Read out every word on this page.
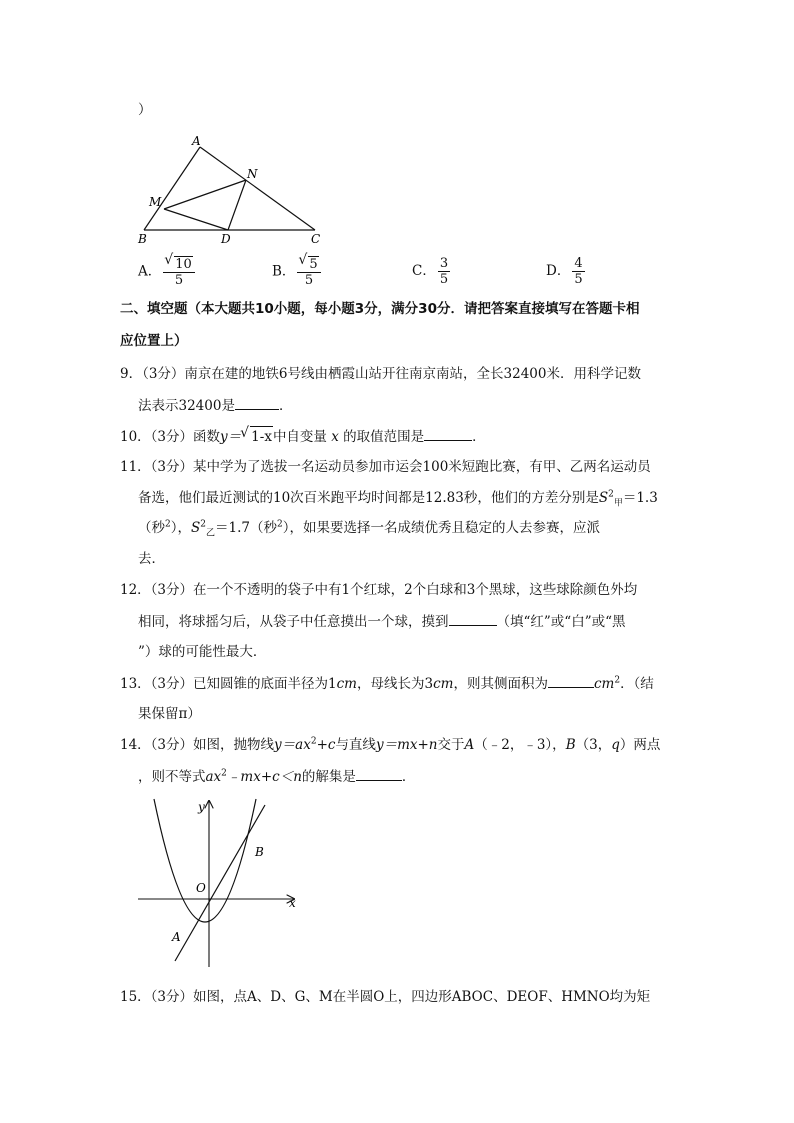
）
A
N
M
B	D	C
A． √ $\frac{10}{5}$	B． √ $\frac{5}{5}$	C． $\frac{3}{5}$	D． $\frac{4}{5}$
二、填空题（本大题共10小题，每小题3分，满分30分．请把答案直接填写在答题卡相
应位置上）
9．（3分）南京在建的地铁6号线由栖霞山站开往南京南站，全长32400米．用科学记数
法表示32400是	．
10．（3分）函数y＝ √ 1-x中自变量 x 的取值范围是	．
11．（3分）某中学为了选拔一名运动员参加市运会100米短跑比赛，有甲、乙两名运动员
备选，他们最近测试的10次百米跑平均时间都是12.83秒，他们的方差分别是$S^2_甲=1.3$
（秒$^2$），$S^2_乙=1.7$（秒$^2$），如果要选择一名成绩优秀且稳定的人去参赛，应派
去．
12．（3分）在一个不透明的袋子中有1个红球，2个白球和3个黑球，这些球除颜色外均
相同，将球摇匀后，从袋子中任意摸出一个球，摸到	（填“红”或“白”或“黑
”）球的可能性最大．
13．（3分）已知圆锥的底面半径为1cm，母线长为3cm，则其侧面积为	$cm^2$．（结
果保留π）
14．（3分）如图，抛物线$y=ax^2+c$与直线y＝mx+n交于A（﹣2，﹣3），B（3，q）两点
，则不等式$ax^2﹣mx+c<n$的解集是	．
y
x
O
A
B
15．（3分）如图，点A、D、G、M在半圆O上，四边形ABOC、DEOF、HMNO均为矩
